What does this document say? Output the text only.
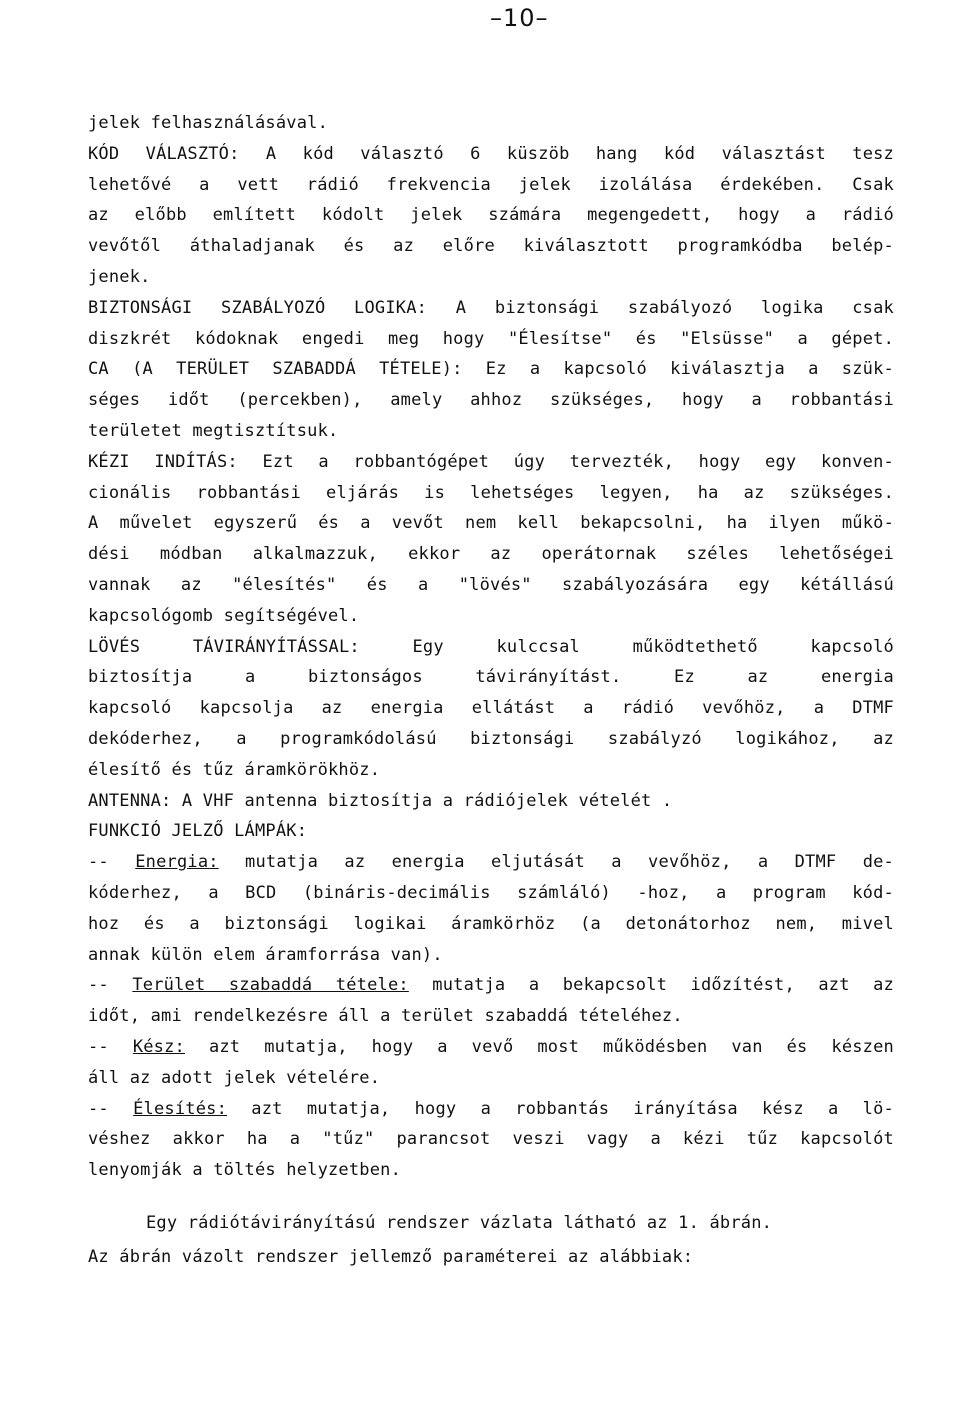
–10–
jelek felhasználásával.
KÓD VÁLASZTÓ: A kód választó 6 küszöb hang kód választást tesz
lehetővé a vett rádió frekvencia jelek izolálása érdekében. Csak
az előbb említett kódolt jelek számára megengedett, hogy a rádió
vevőtől áthaladjanak és az előre kiválasztott programkódba belép-
jenek.
BIZTONSÁGI SZABÁLYOZÓ LOGIKA: A biztonsági szabályozó logika csak
diszkrét kódoknak engedi meg hogy "Élesítse" és "Elsüsse" a gépet.
CA (A TERÜLET SZABADDÁ TÉTELE): Ez a kapcsoló kiválasztja a szük-
séges időt (percekben), amely ahhoz szükséges, hogy a robbantási
területet megtisztítsuk.
KÉZI INDÍTÁS: Ezt a robbantógépet úgy tervezték, hogy egy konven-
cionális robbantási eljárás is lehetséges legyen, ha az szükséges.
A művelet egyszerű és a vevőt nem kell bekapcsolni, ha ilyen műkö-
dési módban alkalmazzuk, ekkor az operátornak széles lehetőségei
vannak az "élesítés" és a "lövés" szabályozására egy kétállású
kapcsológomb segítségével.
LÖVÉS TÁVIRÁNYÍTÁSSAL: Egy kulccsal működtethető kapcsoló
biztosítja a biztonságos távirányítást. Ez az energia
kapcsoló kapcsolja az energia ellátást a rádió vevőhöz, a DTMF
dekóderhez, a programkódolású biztonsági szabályzó logikához, az
élesítő és tűz áramkörökhöz.
ANTENNA: A VHF antenna biztosítja a rádiójelek vételét .
FUNKCIÓ JELZŐ LÁMPÁK:
-- Energia: mutatja az energia eljutását a vevőhöz, a DTMF de-
kóderhez, a BCD (bináris-decimális számláló) -hoz, a program kód-
hoz és a biztonsági logikai áramkörhöz (a detonátorhoz nem, mivel
annak külön elem áramforrása van).
-- Terület szabaddá tétele: mutatja a bekapcsolt időzítést, azt az
időt, ami rendelkezésre áll a terület szabaddá tételéhez.
-- Kész: azt mutatja, hogy a vevő most működésben van és készen
áll az adott jelek vételére.
-- Élesítés: azt mutatja, hogy a robbantás irányítása kész a lö-
véshez akkor ha a "tűz" parancsot veszi vagy a kézi tűz kapcsolót
lenyomják a töltés helyzetben.
Egy rádiótávirányítású rendszer vázlata látható az 1. ábrán.
Az ábrán vázolt rendszer jellemző paraméterei az alábbiak:
